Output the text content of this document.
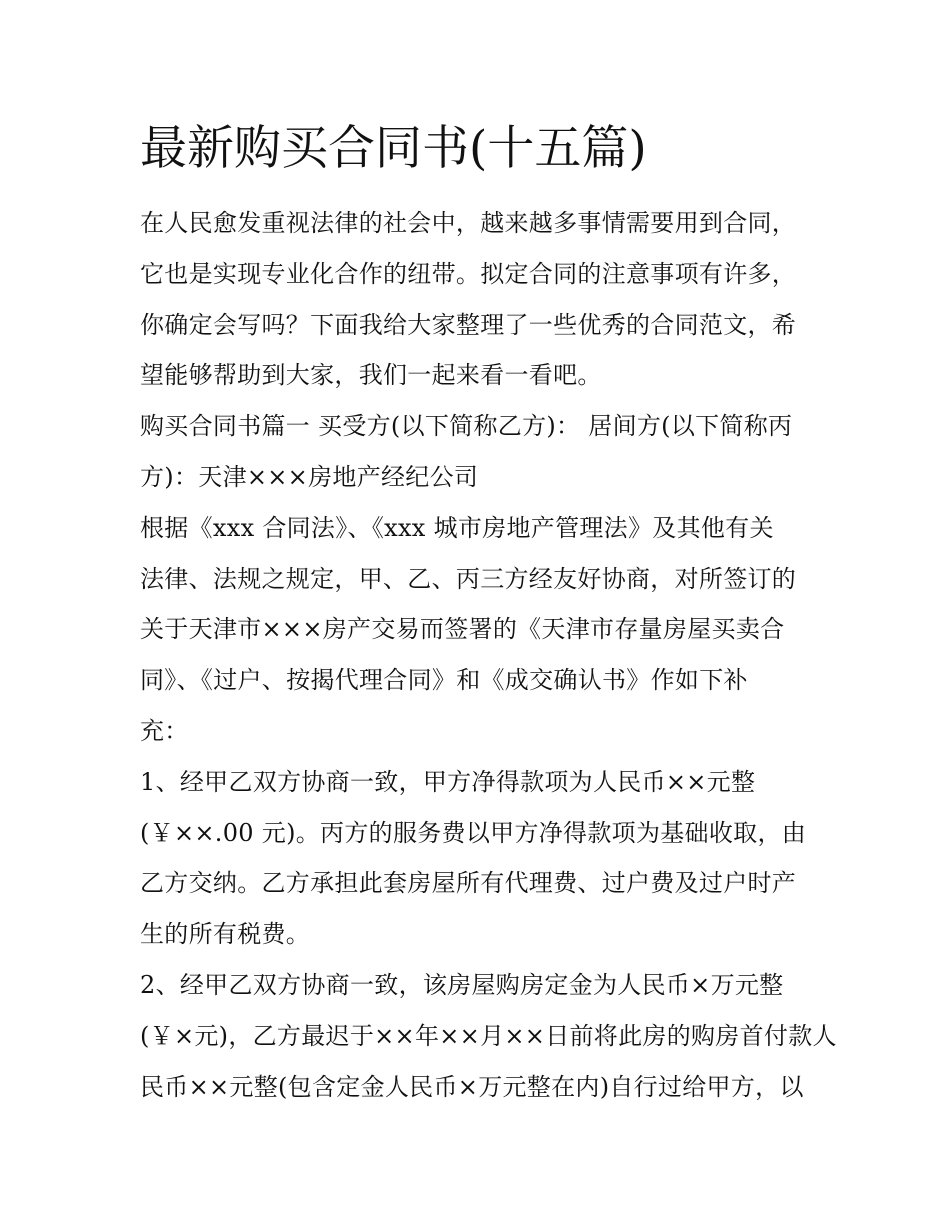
最新购买合同书(十五篇)

在人民愈发重视法律的社会中，越来越多事情需要用到合同，
它也是实现专业化合作的纽带。拟定合同的注意事项有许多，
你确定会写吗？下面我给大家整理了一些优秀的合同范文，希
望能够帮助到大家，我们一起来看一看吧。

购买合同书篇一 买受方(以下简称乙方)： 居间方(以下简称丙
方)：天津×××房地产经纪公司

根据《xxx 合同法》、《xxx 城市房地产管理法》及其他有关
法律、法规之规定，甲、乙、丙三方经友好协商，对所签订的
关于天津市×××房产交易而签署的《天津市存量房屋买卖合
同》、《过户、按揭代理合同》和《成交确认书》作如下补
充：

1、经甲乙双方协商一致，甲方净得款项为人民币××元整
(￥××.00 元)。丙方的服务费以甲方净得款项为基础收取，由
乙方交纳。乙方承担此套房屋所有代理费、过户费及过户时产
生的所有税费。

2、经甲乙双方协商一致，该房屋购房定金为人民币×万元整
(￥×元)，乙方最迟于××年××月××日前将此房的购房首付款人
民币××元整(包含定金人民币×万元整在内)自行过给甲方，以
